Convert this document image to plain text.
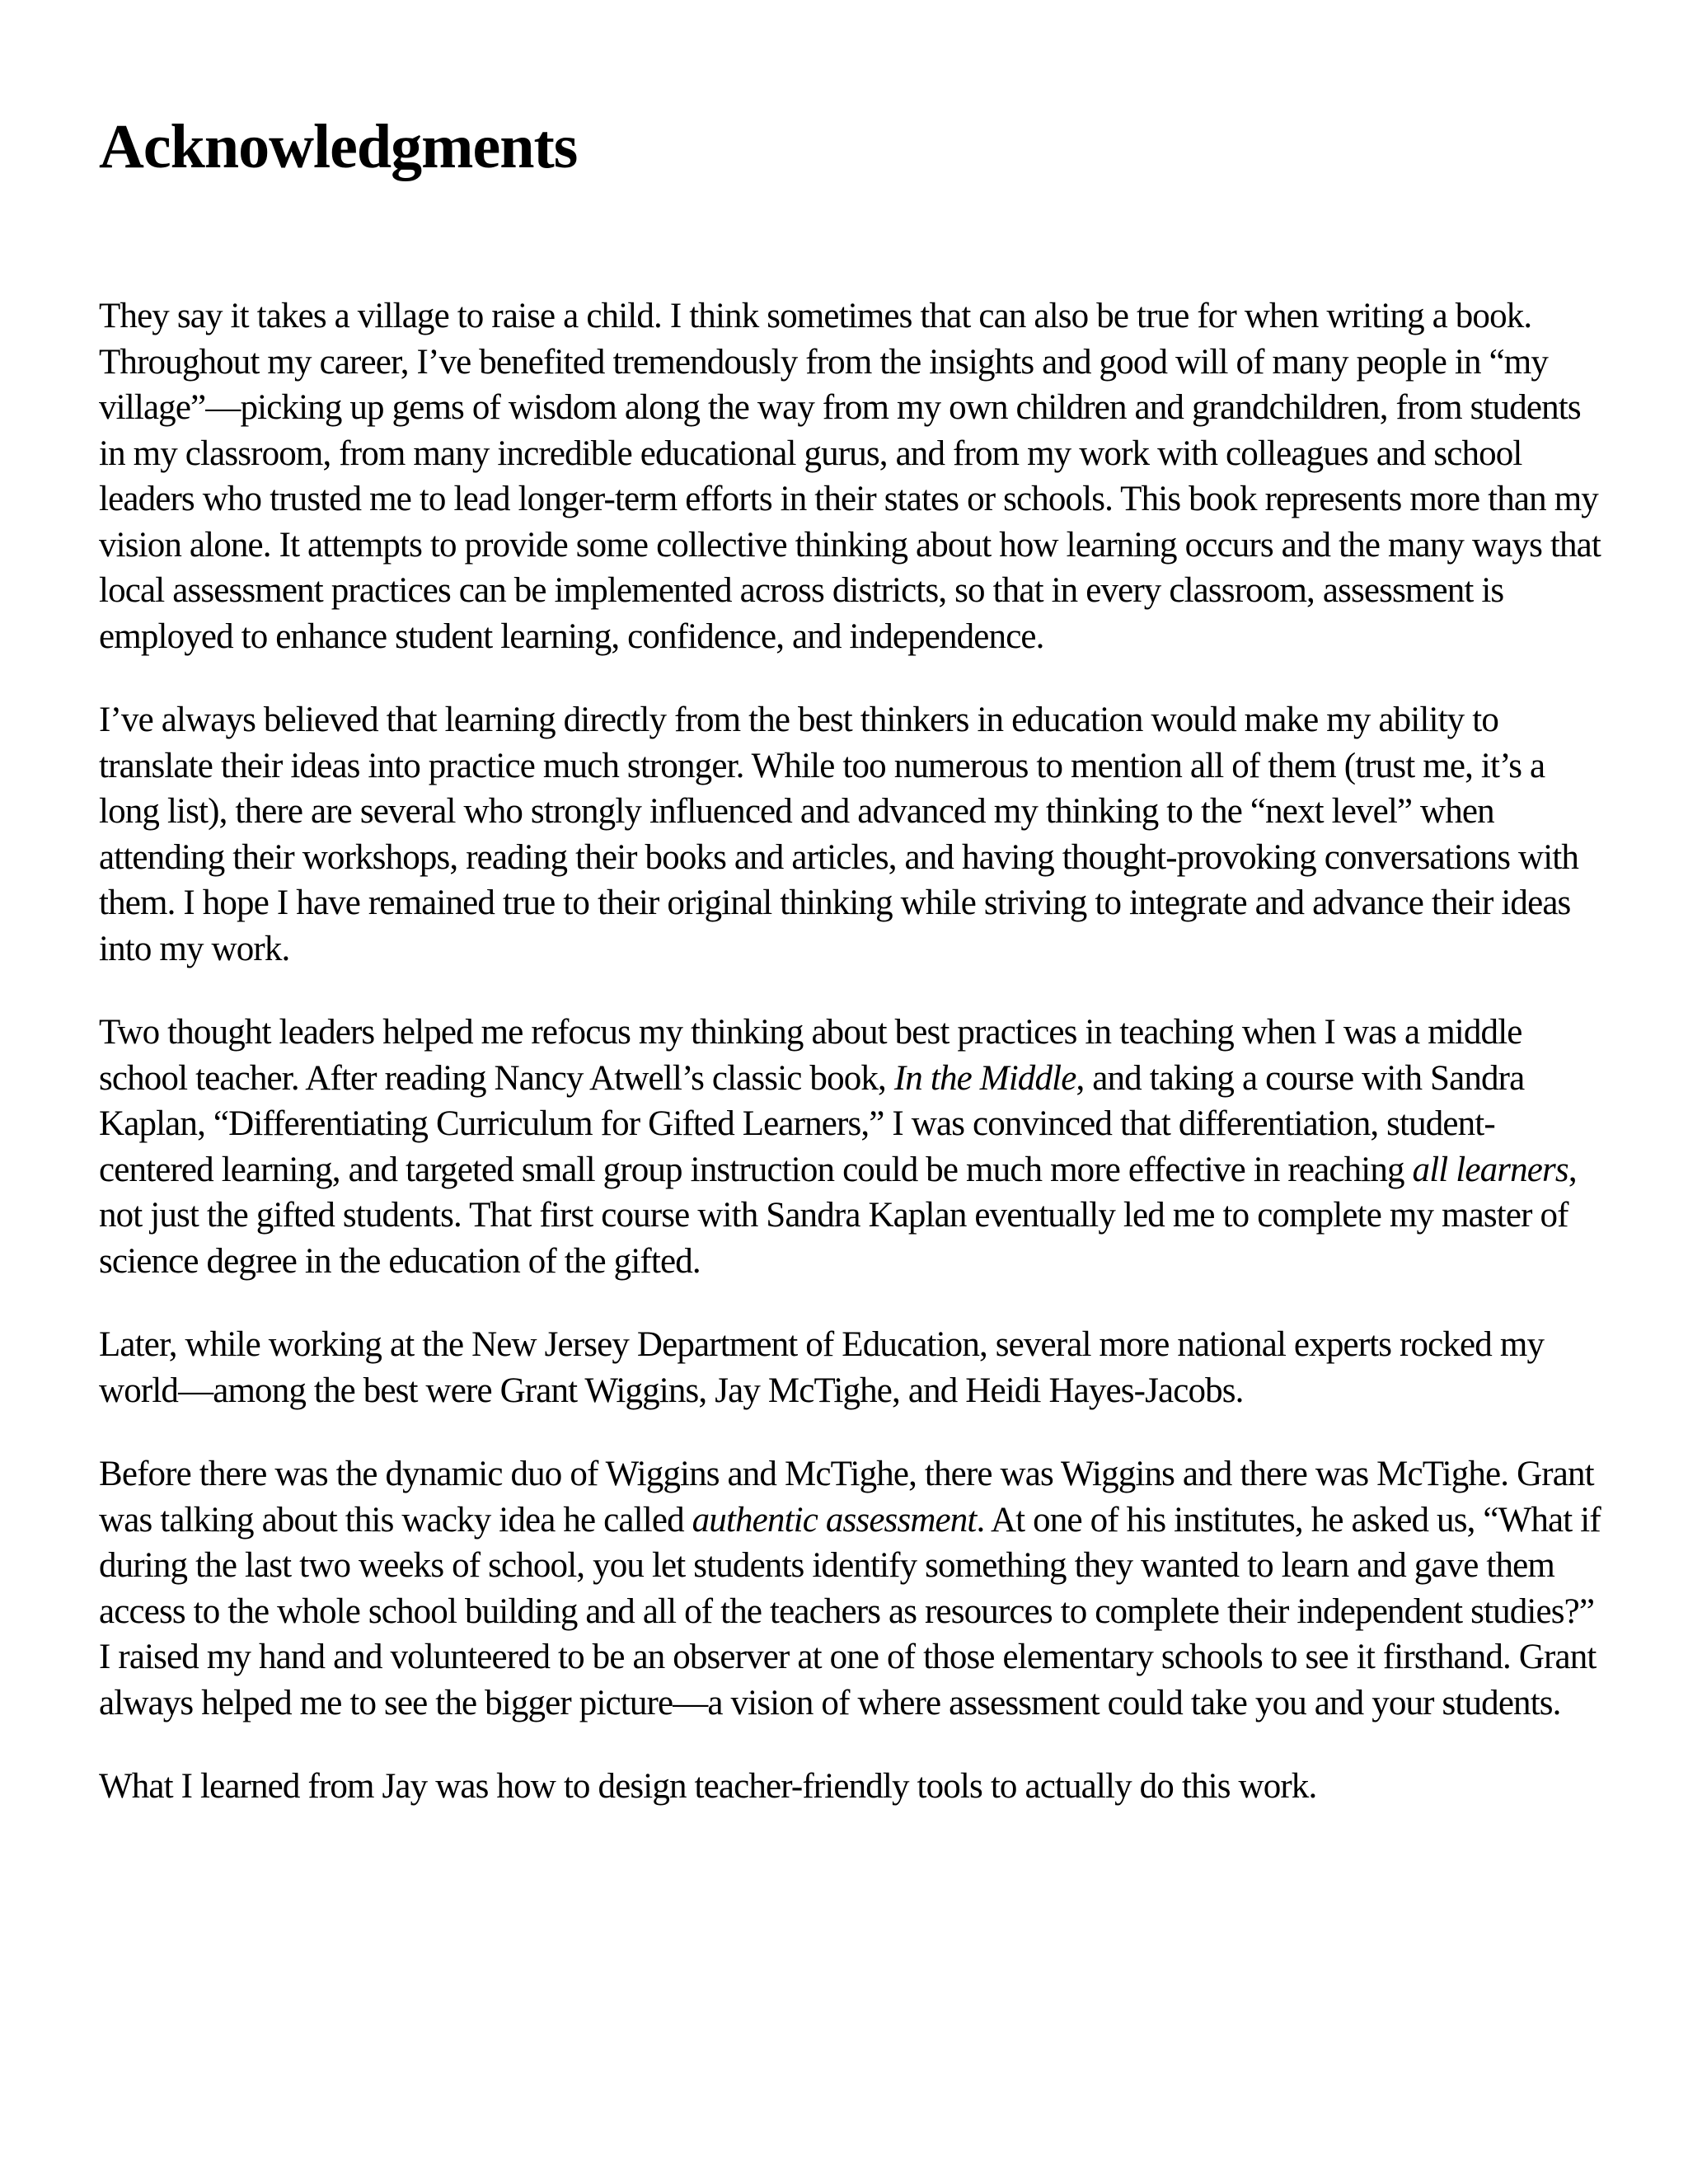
Acknowledgments

They say it takes a village to raise a child. I think sometimes that can also be true for when writing a book. Throughout my career, I’ve benefited tremendously from the insights and good will of many people in “my village”—picking up gems of wisdom along the way from my own children and grandchildren, from students in my classroom, from many incredible educational gurus, and from my work with colleagues and school leaders who trusted me to lead longer-term efforts in their states or schools. This book represents more than my vision alone. It attempts to provide some collective thinking about how learning occurs and the many ways that local assessment practices can be implemented across districts, so that in every classroom, assessment is employed to enhance student learning, confidence, and independence.

I’ve always believed that learning directly from the best thinkers in education would make my ability to translate their ideas into practice much stronger. While too numerous to mention all of them (trust me, it’s a long list), there are several who strongly influenced and advanced my thinking to the “next level” when attending their workshops, reading their books and articles, and having thought-provoking conversations with them. I hope I have remained true to their original thinking while striving to integrate and advance their ideas into my work.

Two thought leaders helped me refocus my thinking about best practices in teaching when I was a middle school teacher. After reading Nancy Atwell’s classic book, In the Middle, and taking a course with Sandra Kaplan, “Differentiating Curriculum for Gifted Learners,” I was convinced that differentiation, student-centered learning, and targeted small group instruction could be much more effective in reaching all learners, not just the gifted students. That first course with Sandra Kaplan eventually led me to complete my master of science degree in the education of the gifted.

Later, while working at the New Jersey Department of Education, several more national experts rocked my world—among the best were Grant Wiggins, Jay McTighe, and Heidi Hayes-Jacobs.

Before there was the dynamic duo of Wiggins and McTighe, there was Wiggins and there was McTighe. Grant was talking about this wacky idea he called authentic assessment. At one of his institutes, he asked us, “What if during the last two weeks of school, you let students identify something they wanted to learn and gave them access to the whole school building and all of the teachers as resources to complete their independent studies?” I raised my hand and volunteered to be an observer at one of those elementary schools to see it firsthand. Grant always helped me to see the bigger picture—a vision of where assessment could take you and your students.

What I learned from Jay was how to design teacher-friendly tools to actually do this work.
